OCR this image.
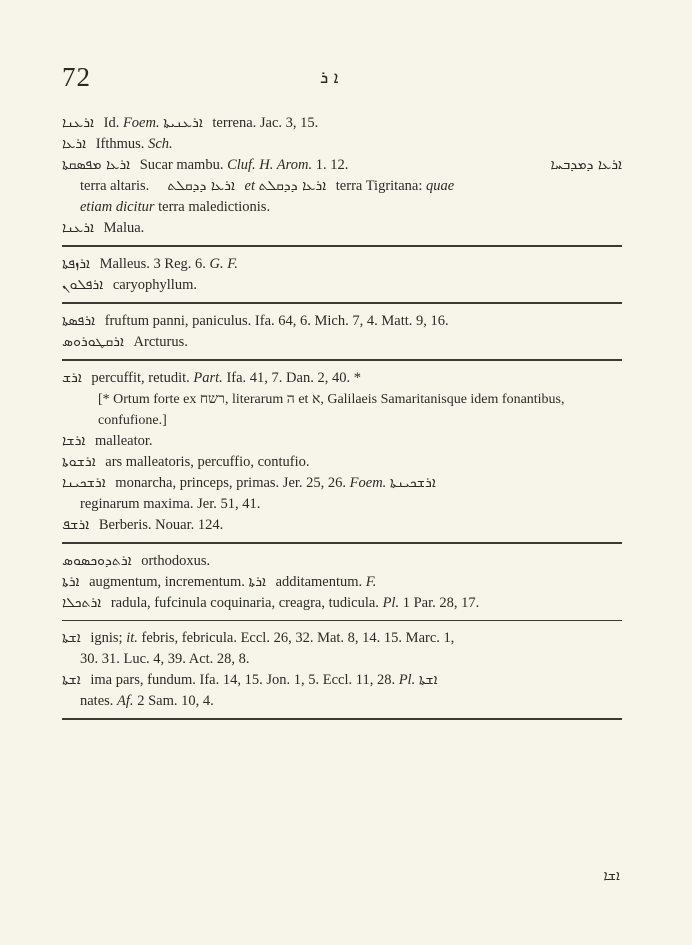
72	ܐ ܪ

ܐܪܥܢܐ Id. Foem. ܐܪܥܢܝܬܐ terrena. Jac. 3, 15.

ܐܪܥܐ Ifthmus. Sch.

ܐܪܥܐ ܡܦܣܩܬܐ Sucar mambu. Cluf. H. Arom. 1. 12.	ܐܪܥܐ ܕܡܕܒܚܐ

terra altaris. ܐܪܥܐ ܕܕܩܠܬ et ܐܪܥܐ ܕܕܩܠܬ terra Tigritana: quae

etiam dicitur terra maledictionis.

ܐܪܥܢܐ Malua.

ܐܪܙܦܬܐ Malleus. 3 Reg. 6. G. F.

ܐܪܦܠܘܢ caryophyllum.

ܐܪܦܣܬܐ fruftum panni, paniculus. Ifa. 64, 6. Mich. 7, 4. Matt. 9, 16.

ܐܪܩܛܘܪܘܣ Arcturus.

ܐܪܫ percuffit, retudit. Part. Ifa. 41, 7. Dan. 2, 40. *

[* Ortum forte ex ח‎רש, literarum ה et א, Galilaeis Samaritanisque idem fonantibus, confufione.]

ܐܪܫܐ malleator.

ܐܪܫܘܬܐ ars malleatoris, percuffio, contufio.

ܐܪܫܟܝܢܐ monarcha, princeps, primas. Jer. 25, 26. Foem. ܐܪܫܟܝܢܬܐ

reginarum maxima. Jer. 51, 41.

ܐܪܫܦ Berberis. Nouar. 124.

ܐܪܬܕܘܟܣܘܣ orthodoxus.

ܐܪܬܐ augmentum, incrementum. ܐܪܬܐ additamentum. F.

ܐܪܬܟܠܐ radula, fufcinula coquinaria, creagra, tudicula. Pl. 1 Par. 28, 17.

ܐܫܬܐ ignis; it. febris, febricula. Eccl. 26, 32. Mat. 8, 14. 15. Marc. 1,

30. 31. Luc. 4, 39. Act. 28, 8.

ܐܫܬܐ ima pars, fundum. Ifa. 14, 15. Jon. 1, 5. Eccl. 11, 28. Pl. ܐܫܬܐ

nates. Af. 2 Sam. 10, 4.

ܐܫܐ
